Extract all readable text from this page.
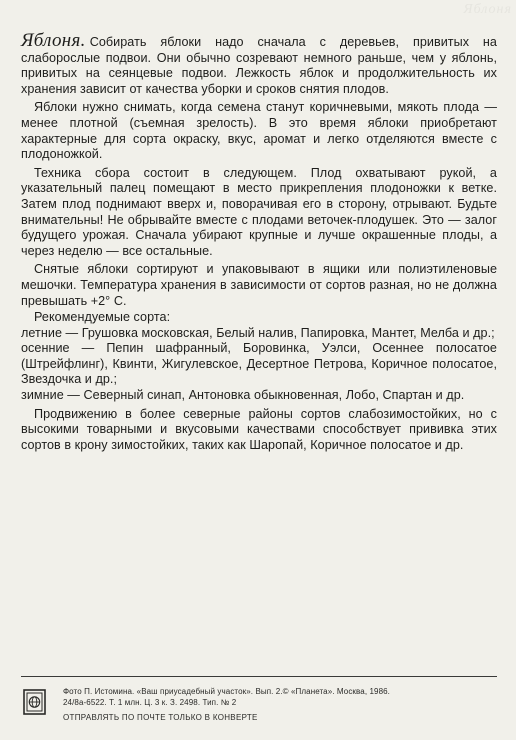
Яблоня

Яблоня. Собирать яблоки надо сначала с деревьев, привитых на слаборослые подвои. Они обычно созревают немного раньше, чем у яблонь, привитых на сеянцевые подвои. Лежкость яблок и продолжительность их хранения зависит от качества уборки и сроков снятия плодов.

Яблоки нужно снимать, когда семена станут коричневыми, мякоть плода — менее плотной (съемная зрелость). В это время яблоки приобретают характерные для сорта окраску, вкус, аромат и легко отделяются вместе с плодоножкой.

Техника сбора состоит в следующем. Плод охватывают рукой, а указательный палец помещают в место прикрепления плодоножки к ветке. Затем плод поднимают вверх и, поворачивая его в сторону, отрывают. Будьте внимательны! Не обрывайте вместе с плодами веточек-плодушек. Это — залог будущего урожая. Сначала убирают крупные и лучше окрашенные плоды, а через неделю — все остальные.

Снятые яблоки сортируют и упаковывают в ящики или полиэтиленовые мешочки. Температура хранения в зависимости от сортов разная, но не должна превышать +2° С.

Рекомендуемые сорта:

летние — Грушовка московская, Белый налив, Папировка, Мантет, Мелба и др.;

осенние — Пепин шафранный, Боровинка, Уэлси, Осеннее полосатое (Штрейфлинг), Квинти, Жигулевское, Десертное Петрова, Коричное полосатое, Звездочка и др.;

зимние — Северный синап, Антоновка обыкновенная, Лобо, Спартан и др.

Продвижению в более северные районы сортов слабозимостойких, но с высокими товарными и вкусовыми качествами способствует прививка этих сортов в крону зимостойких, таких как Шаропай, Коричное полосатое и др.

Фото П. Истомина. «Ваш приусадебный участок». Вып. 2.© «Планета». Москва, 1986.
24/8а-6522. Т. 1 млн. Ц. 3 к. З. 2498. Тип. № 2
ОТПРАВЛЯТЬ ПО ПОЧТЕ ТОЛЬКО В КОНВЕРТЕ
